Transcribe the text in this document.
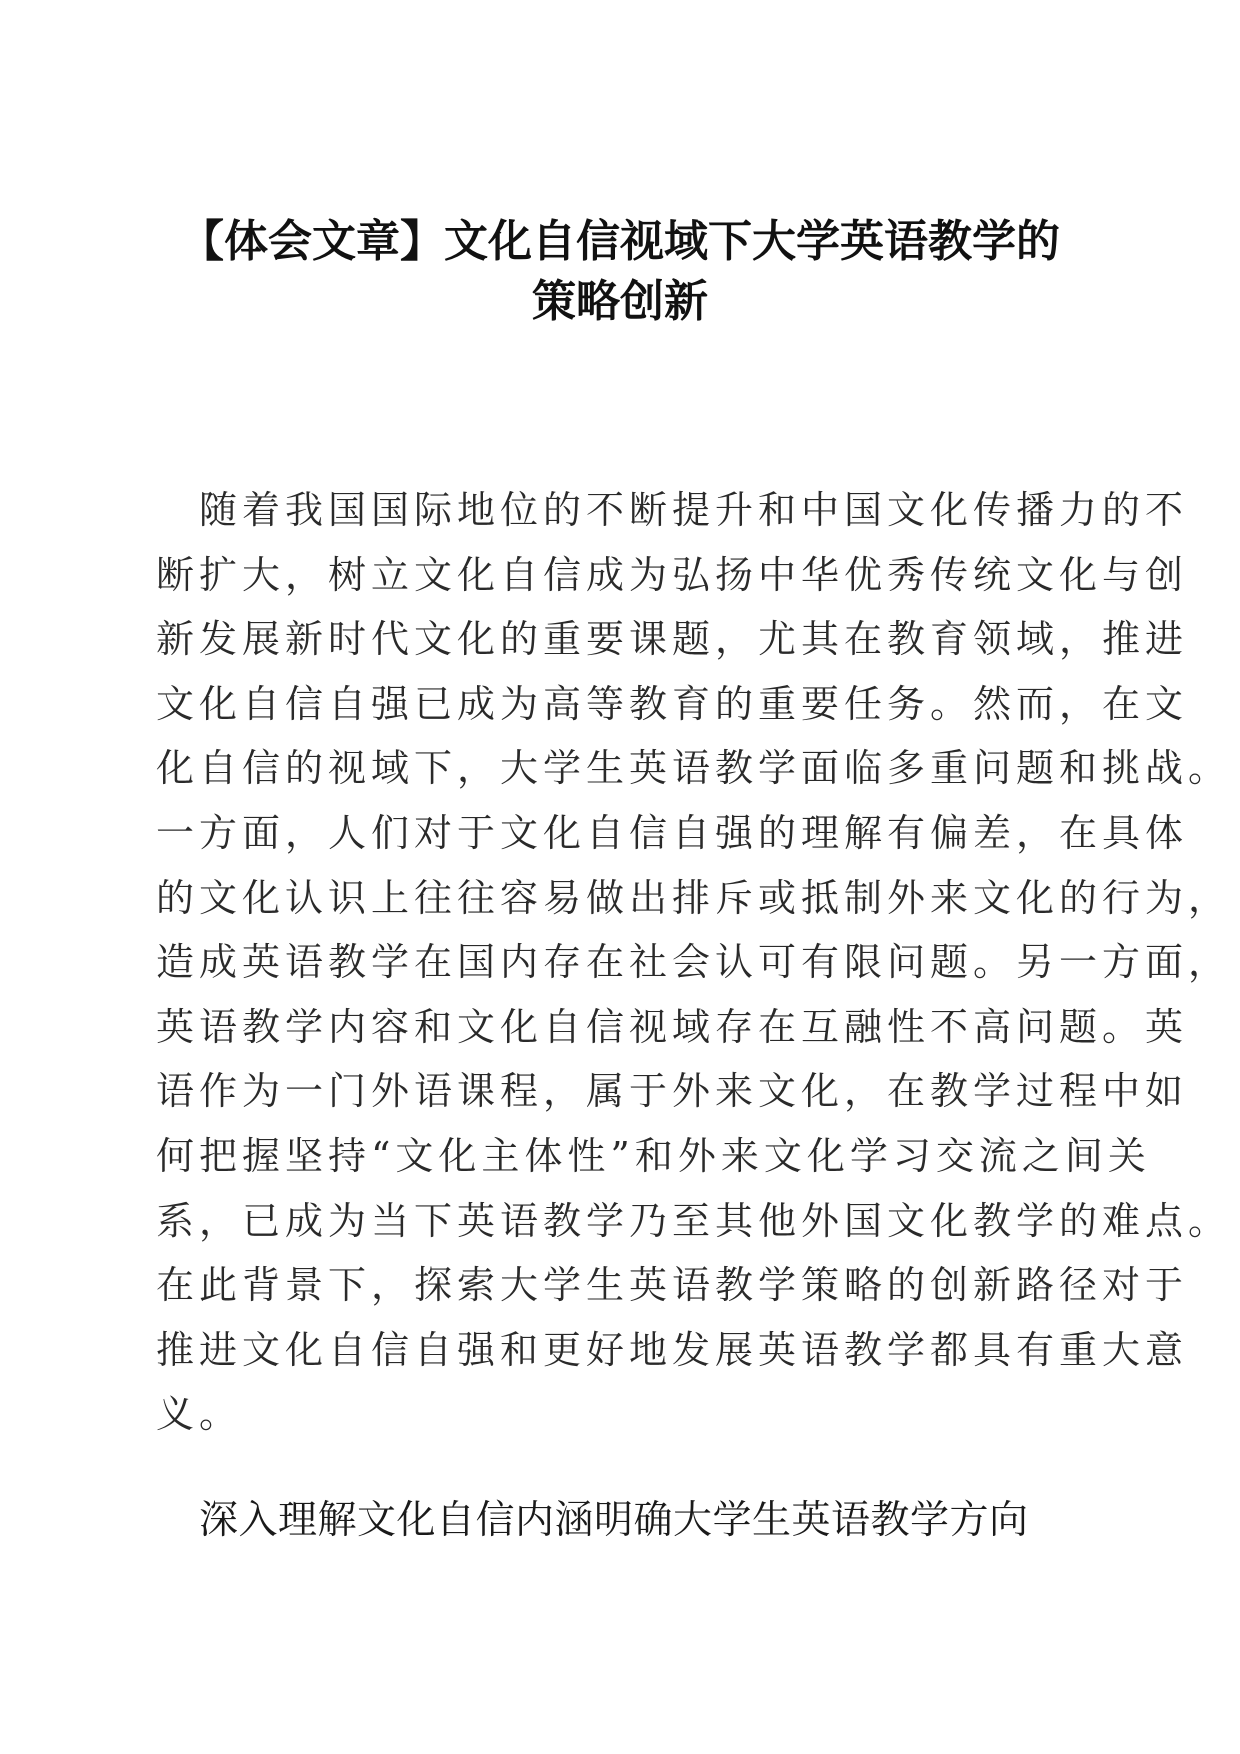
【体会文章】文化自信视域下大学英语教学的
策略创新
随着我国国际地位的不断提升和中国文化传播力的不
断扩大，树立文化自信成为弘扬中华优秀传统文化与创
新发展新时代文化的重要课题，尤其在教育领域，推进
文化自信自强已成为高等教育的重要任务。然而，在文
化自信的视域下，大学生英语教学面临多重问题和挑战。
一方面，人们对于文化自信自强的理解有偏差，在具体
的文化认识上往往容易做出排斥或抵制外来文化的行为，
造成英语教学在国内存在社会认可有限问题。另一方面，
英语教学内容和文化自信视域存在互融性不高问题。英
语作为一门外语课程，属于外来文化，在教学过程中如
何把握坚持“文化主体性”和外来文化学习交流之间关
系，已成为当下英语教学乃至其他外国文化教学的难点。
在此背景下，探索大学生英语教学策略的创新路径对于
推进文化自信自强和更好地发展英语教学都具有重大意
义。
深入理解文化自信内涵明确大学生英语教学方向
